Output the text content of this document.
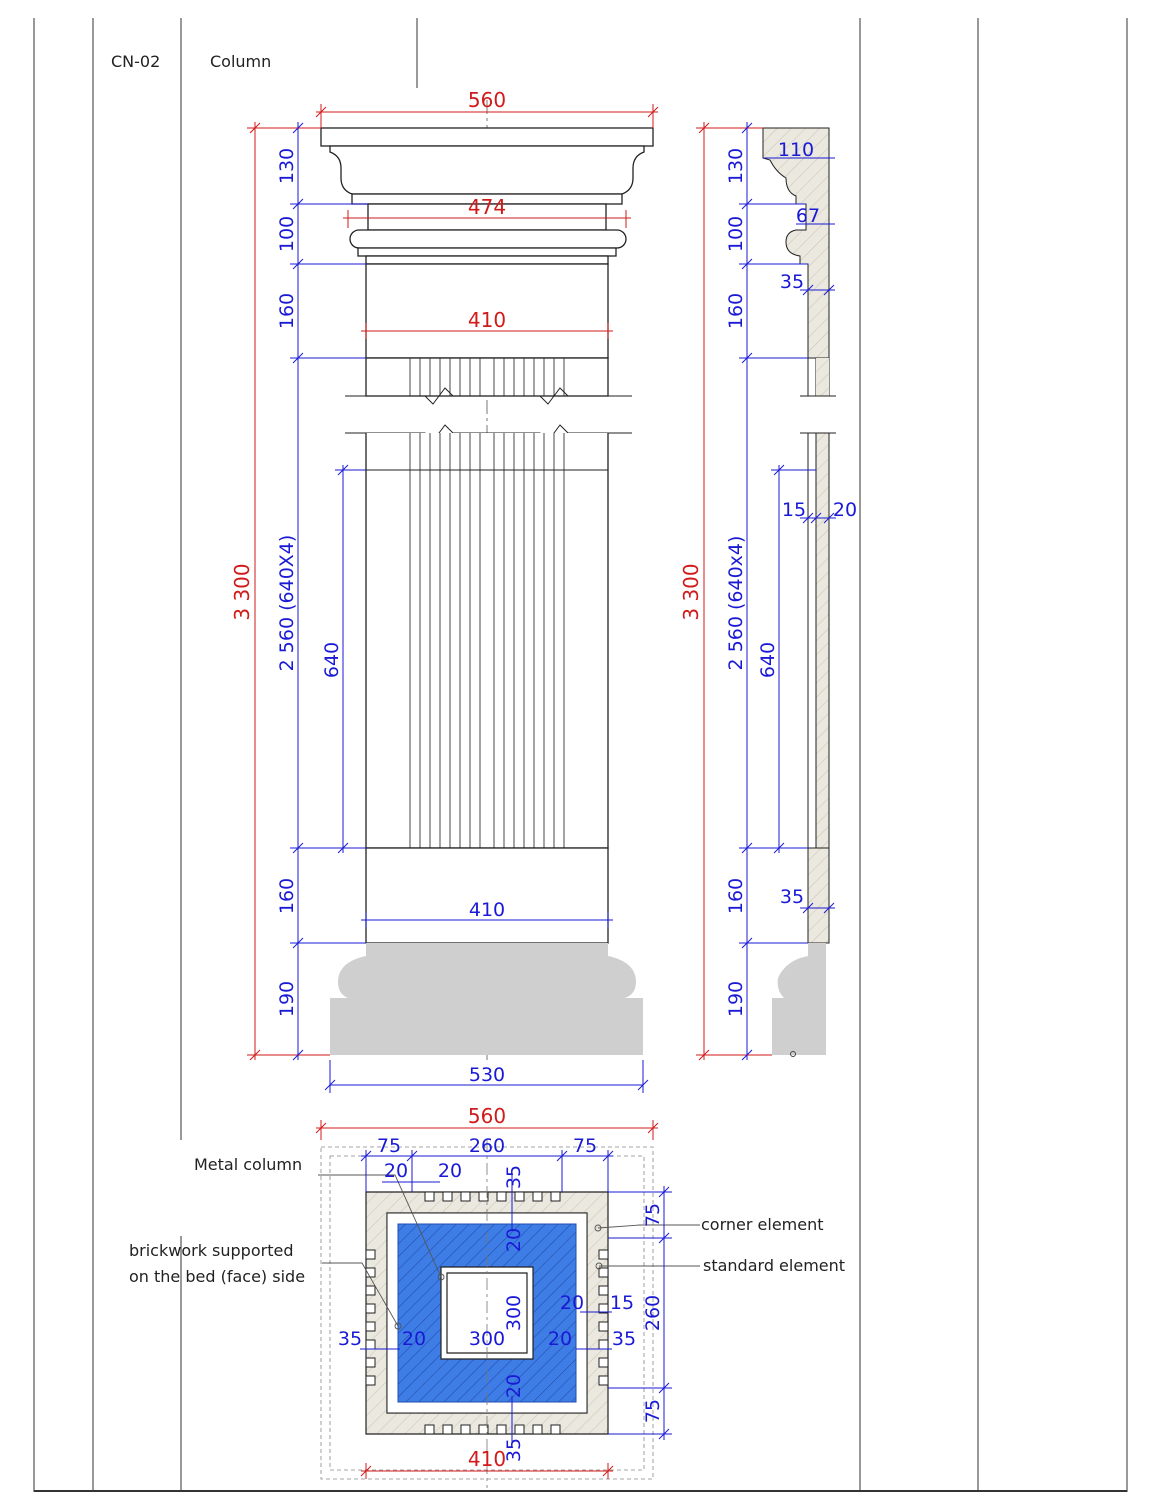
CN-02	Column
560
474
410
3 300
130
100
160
2 560 (640X4) 640
160
190
410
530
3 300
130
100
160
2 560 (640x4) 640
160
190
110
67
35
15 20
35
560
75	260	75
20 20 35
20
300
300
35 20
20 15
20 35
20
35
410
75
260
75
Metal column
brickwork supported
on the bed (face) side
corner element
standard element
